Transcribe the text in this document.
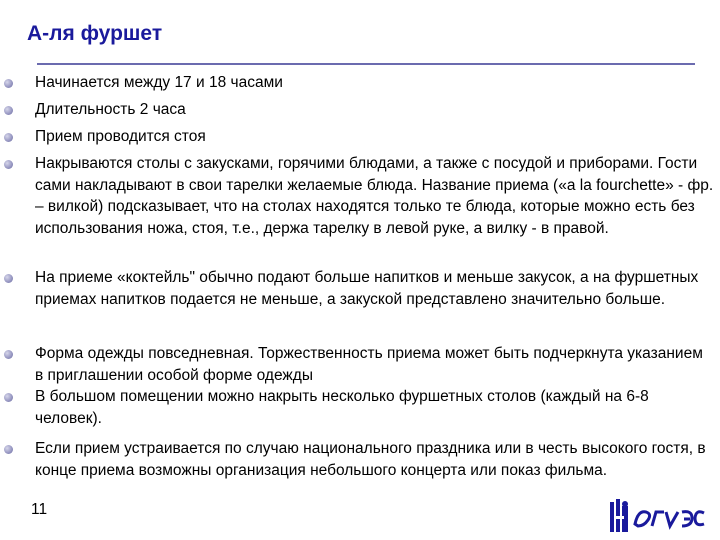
А-ля фуршет
Начинается между 17 и 18 часами
Длительность 2 часа
Прием проводится стоя
Накрываются столы с закусками, горячими блюдами, а также с посудой и приборами. Гости сами накладывают в свои тарелки желаемые блюда. Название приема («а la fourchette» - фр. – вилкой) подсказывает, что на столах находятся только те блюда, которые можно есть без использования ножа, стоя, т.е., держа тарелку в левой руке, а вилку - в правой.
На приеме «коктейль" обычно подают больше напитков и меньше закусок, а на фуршетных приемах напитков подается не меньше, а закуской представлено значительно больше.
Форма одежды повседневная. Торжественность приема может быть подчеркнута указанием в приглашении особой форме одежды
В большом помещении можно накрыть несколько фуршетных столов (каждый на 6-8 человек).
Если прием устраивается по случаю национального праздника или в честь высокого гостя, в конце приема возможны организация небольшого концерта или показ фильма.
11
